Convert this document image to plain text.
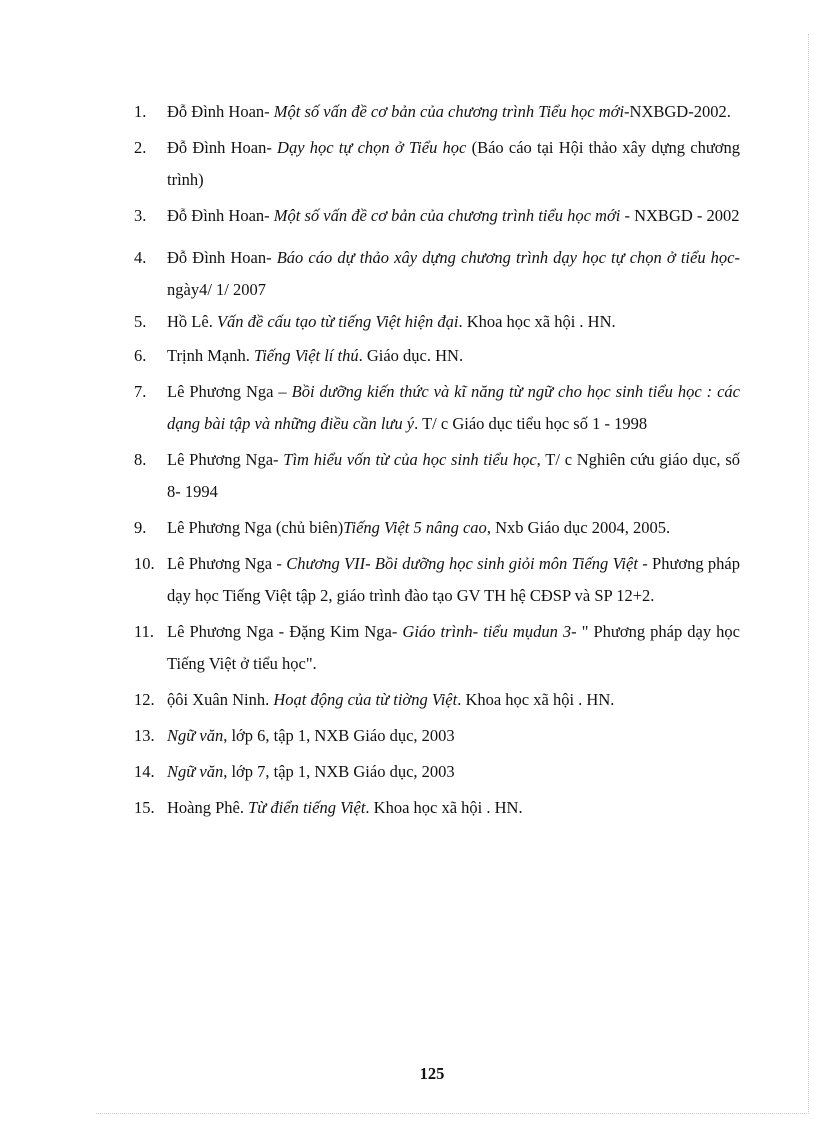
1. Đỗ Đình Hoan- Một số vấn đề cơ bản của chương trình Tiểu học mới-NXBGD-2002.
2. Đỗ Đình Hoan- Dạy học tự chọn ở Tiểu học (Báo cáo tại Hội thảo xây dựng chương trình)
3. Đỗ Đình Hoan- Một số vấn đề cơ bản của chương trình tiểu học mới - NXBGD - 2002
4. Đỗ Đình Hoan- Báo cáo dự thảo xây dựng chương trình dạy học tự chọn ở tiểu học- ngày4/ 1/ 2007
5. Hồ Lê. Vấn đề cấu tạo từ tiếng Việt hiện đại. Khoa học xã hội . HN.
6. Trịnh Mạnh. Tiếng Việt lí thú. Giáo dục. HN.
7. Lê Phương Nga – Bồi dưỡng kiến thức và kĩ năng từ ngữ cho học sinh tiểu học : các dạng bài tập và những điều cần lưu ý. T/ c Giáo dục tiểu học số 1 - 1998
8. Lê Phương Nga- Tìm hiểu vốn từ của học sinh tiểu học, T/ c Nghiên cứu giáo dục, số 8- 1994
9. Lê Phương Nga (chủ biên)Tiếng Việt 5 nâng cao, Nxb Giáo dục 2004, 2005.
10. Lê Phương Nga - Chương VII- Bồi dưỡng học sinh giỏi môn Tiếng Việt - Phương pháp dạy học Tiếng Việt tập 2, giáo trình đào tạo GV TH hệ CĐSP và SP 12+2.
11. Lê Phương Nga - Đặng Kim Nga- Giáo trình- tiểu mụdun 3- " Phương pháp dạy học Tiếng Việt ở tiểu học".
12. ộôi Xuân Ninh. Hoạt động của từ tiờng Việt. Khoa học xã hội . HN.
13. Ngữ văn, lớp 6, tập 1, NXB Giáo dục, 2003
14. Ngữ văn, lớp 7, tập 1, NXB Giáo dục, 2003
15. Hoàng Phê. Từ điển tiếng Việt. Khoa học xã hội . HN.
125
